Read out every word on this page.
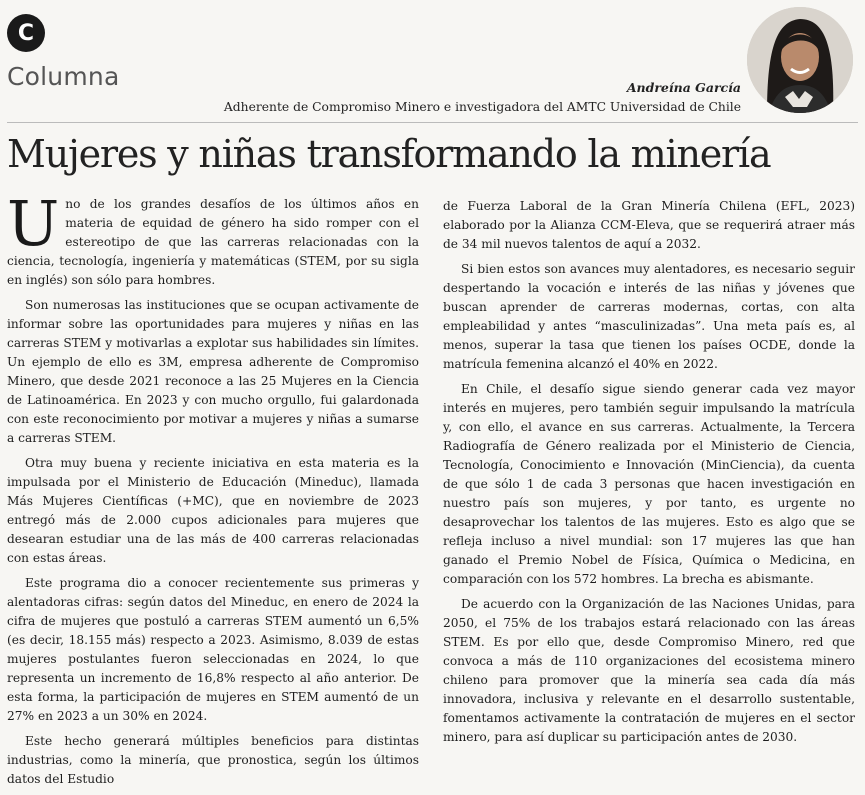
C
Columna	Andreína García
Adherente de Compromiso Minero e investigadora del AMTC Universidad de Chile
Mujeres y niñas transformando la minería

Uno de los grandes desafíos de los últimos años en materia de equidad de género ha sido romper con el estereotipo de que las carreras relacionadas con la ciencia, tecnología, ingeniería y matemáticas (STEM, por su sigla en inglés) son sólo para hombres.

Son numerosas las instituciones que se ocupan activamente de informar sobre las oportunidades para mujeres y niñas en las carreras STEM y motivarlas a explotar sus habilidades sin límites. Un ejemplo de ello es 3M, empresa adherente de Compromiso Minero, que desde 2021 reconoce a las 25 Mujeres en la Ciencia de Latinoamérica. En 2023 y con mucho orgullo, fui galardonada con este reconocimiento por motivar a mujeres y niñas a sumarse a carreras STEM.

Otra muy buena y reciente iniciativa en esta materia es la impulsada por el Ministerio de Educación (Mineduc), llamada Más Mujeres Científicas (+MC), que en noviembre de 2023 entregó más de 2.000 cupos adicionales para mujeres que desearan estudiar una de las más de 400 carreras relacionadas con estas áreas.

Este programa dio a conocer recientemente sus primeras y alentadoras cifras: según datos del Mineduc, en enero de 2024 la cifra de mujeres que postuló a carreras STEM aumentó un 6,5% (es decir, 18.155 más) respecto a 2023. Asimismo, 8.039 de estas mujeres postulantes fueron seleccionadas en 2024, lo que representa un incremento de 16,8% respecto al año anterior. De esta forma, la participación de mujeres en STEM aumentó de un 27% en 2023 a un 30% en 2024.

Este hecho generará múltiples beneficios para distintas industrias, como la minería, que pronostica, según los últimos datos del Estudio

de Fuerza Laboral de la Gran Minería Chilena (EFL, 2023) elaborado por la Alianza CCM-Eleva, que se requerirá atraer más de 34 mil nuevos talentos de aquí a 2032.

Si bien estos son avances muy alentadores, es necesario seguir despertando la vocación e interés de las niñas y jóvenes que buscan aprender de carreras modernas, cortas, con alta empleabilidad y antes “masculinizadas”. Una meta país es, al menos, superar la tasa que tienen los países OCDE, donde la matrícula femenina alcanzó el 40% en 2022.

En Chile, el desafío sigue siendo generar cada vez mayor interés en mujeres, pero también seguir impulsando la matrícula y, con ello, el avance en sus carreras. Actualmente, la Tercera Radiografía de Género realizada por el Ministerio de Ciencia, Tecnología, Conocimiento e Innovación (MinCiencia), da cuenta de que sólo 1 de cada 3 personas que hacen investigación en nuestro país son mujeres, y por tanto, es urgente no desaprovechar los talentos de las mujeres. Esto es algo que se refleja incluso a nivel mundial: son 17 mujeres las que han ganado el Premio Nobel de Física, Química o Medicina, en comparación con los 572 hombres. La brecha es abismante.

De acuerdo con la Organización de las Naciones Unidas, para 2050, el 75% de los trabajos estará relacionado con las áreas STEM. Es por ello que, desde Compromiso Minero, red que convoca a más de 110 organizaciones del ecosistema minero chileno para promover que la minería sea cada día más innovadora, inclusiva y relevante en el desarrollo sustentable, fomentamos activamente la contratación de mujeres en el sector minero, para así duplicar su participación antes de 2030.
